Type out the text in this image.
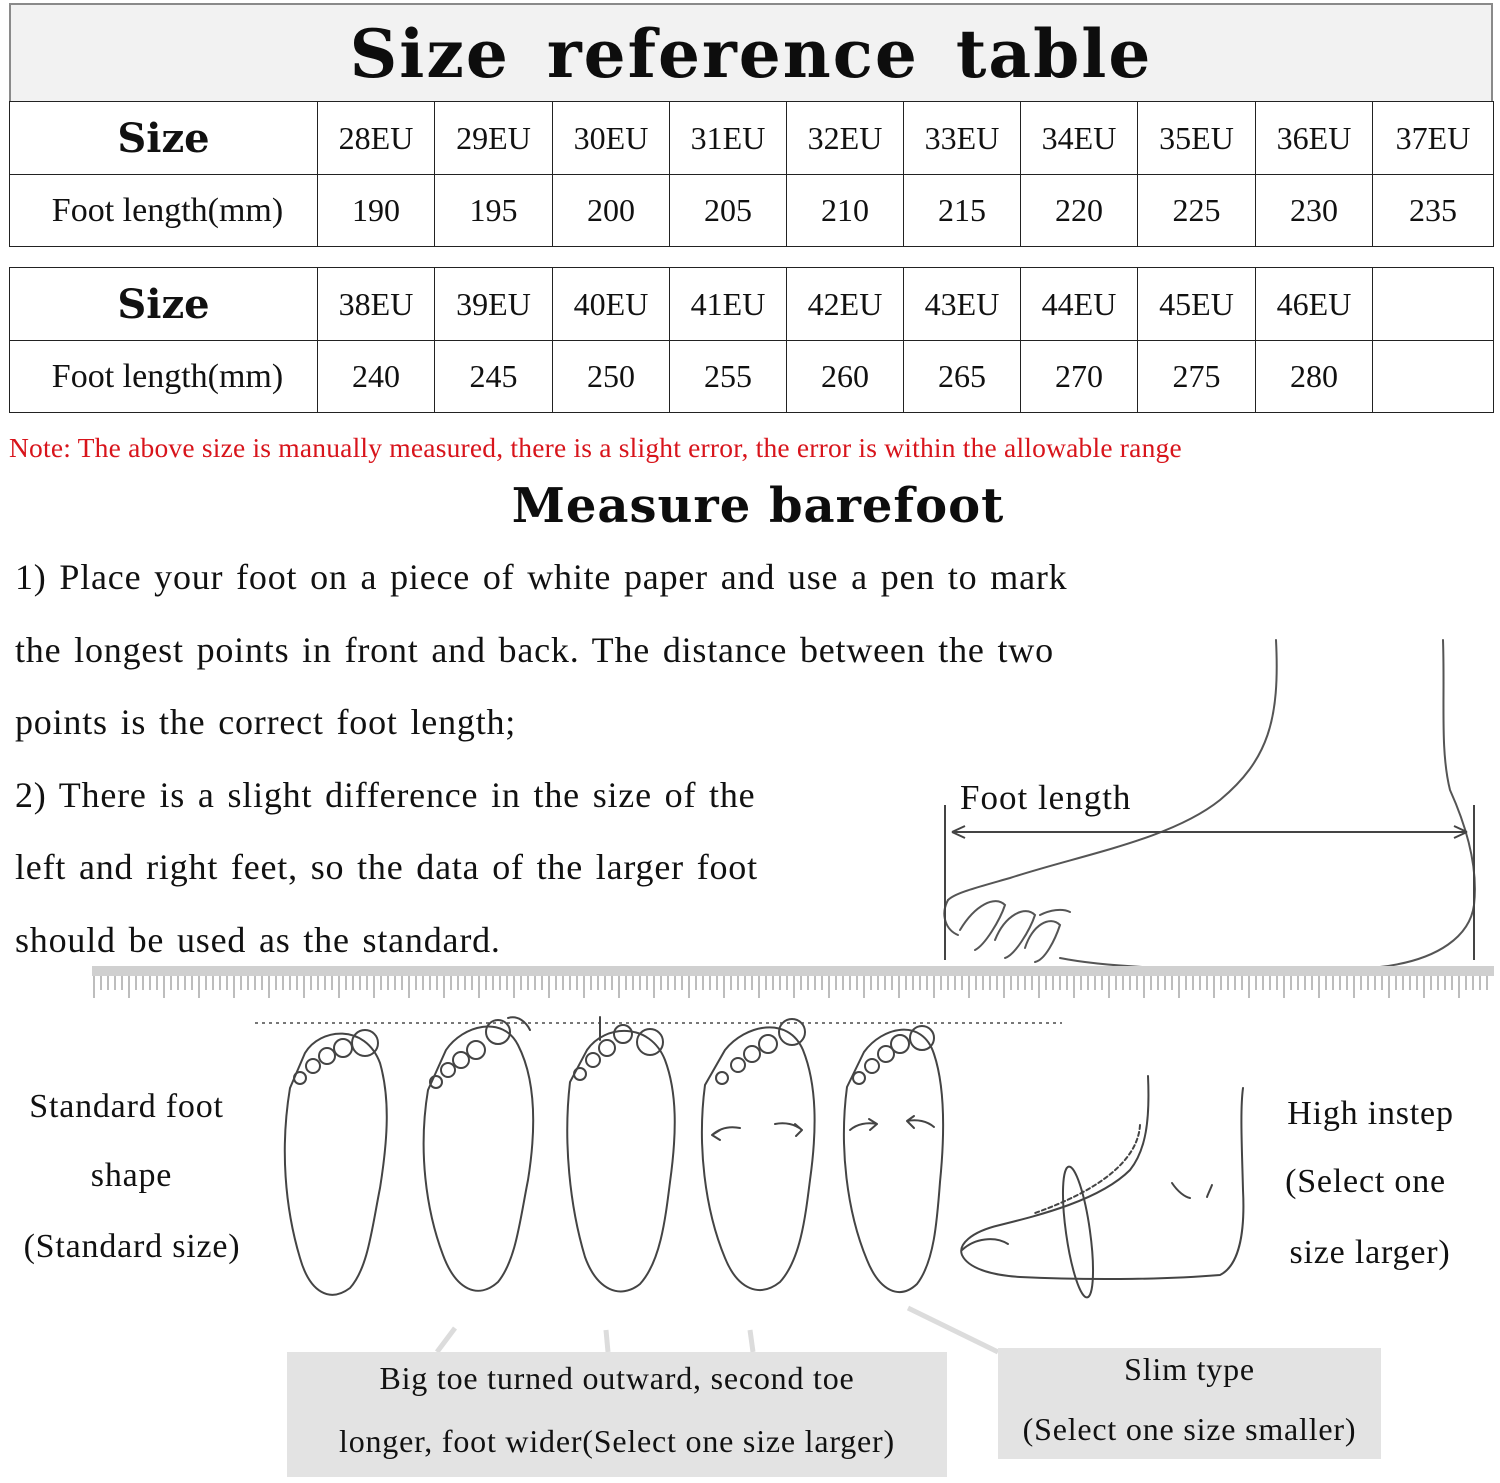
Size reference table
Size	28EU	29EU	30EU	31EU	32EU	33EU	34EU	35EU	36EU	37EU
Foot length(mm)	190	195	200	205	210	215	220	225	230	235
Size	38EU	39EU	40EU	41EU	42EU	43EU	44EU	45EU	46EU	
Foot length(mm)	240	245	250	255	260	265	270	275	280	
Note: The above size is manually measured, there is a slight error, the error is within the allowable range
Measure barefoot
1) Place your foot on a piece of white paper and use a pen to mark
the longest points in front and back. The distance between the two
points is the correct foot length;
2) There is a slight difference in the size of the
left and right feet, so the data of the larger foot
should be used as the standard.
Foot length
Standard foot
shape
(Standard size)
High instep
(Select one
size larger)
Big toe turned outward, second toe
longer, foot wider(Select one size larger)
Slim type
(Select one size smaller)
